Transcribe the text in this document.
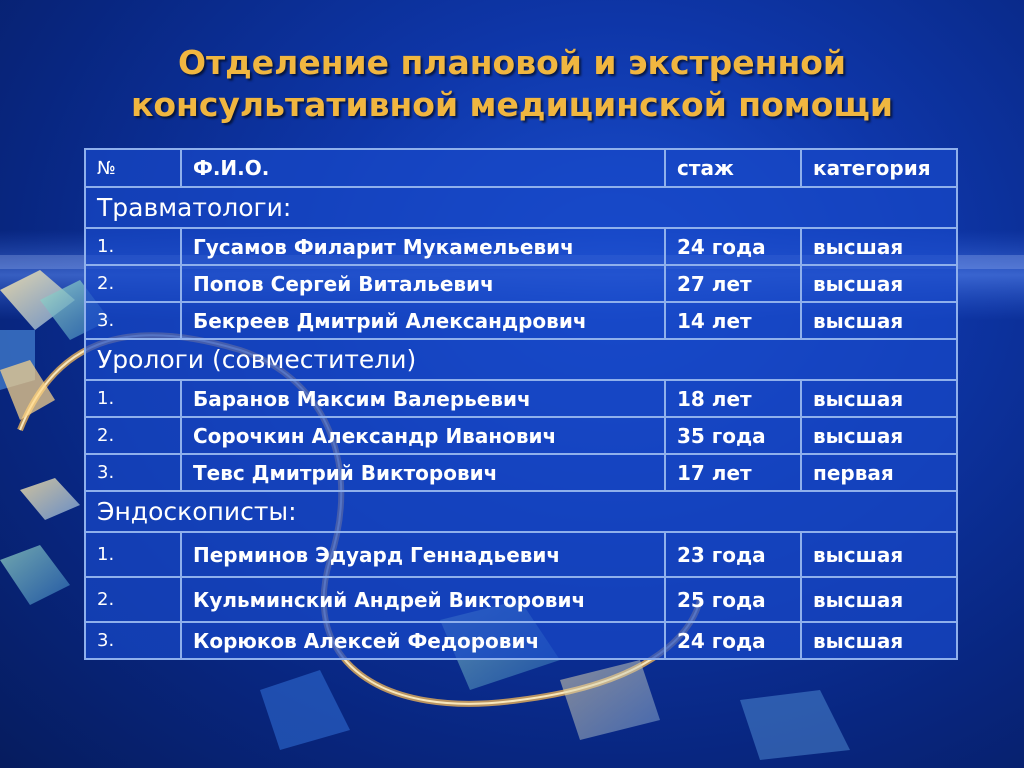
Отделение плановой и экстренной
консультативной медицинской помощи
№	Ф.И.О.	стаж	категория
Травматологи:			
1.	Гусамов Филарит Мукамельевич	24 года	высшая
2.	Попов Сергей Витальевич	27 лет	высшая
3.	Бекреев Дмитрий Александрович	14 лет	высшая
Урологи (совместители)			
1.	Баранов Максим Валерьевич	18 лет	высшая
2.	Сорочкин Александр Иванович	35 года	высшая
3.	Тевс Дмитрий Викторович	17 лет	первая
Эндоскописты:			
1.	Перминов Эдуард Геннадьевич	23 года	высшая
2.	Кульминский Андрей Викторович	25 года	высшая
3.	Корюков Алексей Федорович	24 года	высшая
